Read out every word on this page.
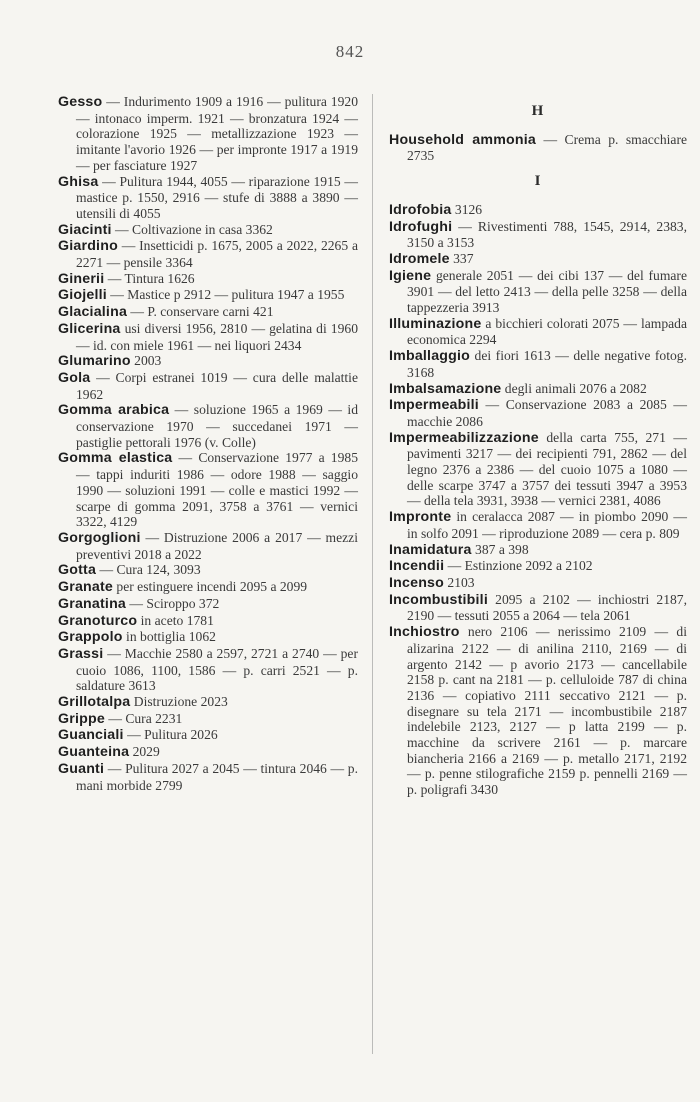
842

Gesso — Indurimento 1909 a 1916 — pulitura 1920 — intonaco imperm. 1921 — bronzatura 1924 — colorazione 1925 — metallizzazione 1923 — imitante l'avorio 1926 — per impronte 1917 a 1919 — per fasciature 1927

Ghisa — Pulitura 1944, 4055 — riparazione 1915 — mastice p. 1550, 2916 — stufe di 3888 a 3890 — utensili di 4055

Giacinti — Coltivazione in casa 3362

Giardino — Insetticidi p. 1675, 2005 a 2022, 2265 a 2271 — pensile 3364

Ginerii — Tintura 1626

Giojelli — Mastice p 2912 — pulitura 1947 a 1955

Glacialina — P. conservare carni 421

Glicerina usi diversi 1956, 2810 — gelatina di 1960 — id. con miele 1961 — nei liquori 2434

Glumarino 2003

Gola — Corpi estranei 1019 — cura delle malattie 1962

Gomma arabica — soluzione 1965 a 1969 — id conservazione 1970 — succedanei 1971 — pastiglie pettorali 1976 (v. Colle)

Gomma elastica — Conservazione 1977 a 1985 — tappi induriti 1986 — odore 1988 — saggio 1990 — soluzioni 1991 — colle e mastici 1992 — scarpe di gomma 2091, 3758 a 3761 — vernici 3322, 4129

Gorgoglioni — Distruzione 2006 a 2017 — mezzi preventivi 2018 a 2022

Gotta — Cura 124, 3093

Granate per estinguere incendi 2095 a 2099

Granatina — Sciroppo 372

Granoturco in aceto 1781

Grappolo in bottiglia 1062

Grassi — Macchie 2580 a 2597, 2721 a 2740 — per cuoio 1086, 1100, 1586 — p. carri 2521 — p. saldature 3613

Grillotalpa Distruzione 2023

Grippe — Cura 2231

Guanciali — Pulitura 2026

Guanteina 2029

Guanti — Pulitura 2027 a 2045 — tintura 2046 — p. mani morbide 2799

H

Household ammonia — Crema p. smacchiare 2735

I

Idrofobia 3126

Idrofughi — Rivestimenti 788, 1545, 2914, 2383, 3150 a 3153

Idromele 337

Igiene generale 2051 — dei cibi 137 — del fumare 3901 — del letto 2413 — della pelle 3258 — della tappezzeria 3913

Illuminazione a bicchieri colorati 2075 — lampada economica 2294

Imballaggio dei fiori 1613 — delle negative fotog. 3168

Imbalsamazione degli animali 2076 a 2082

Impermeabili — Conservazione 2083 a 2085 — macchie 2086

Impermeabilizzazione della carta 755, 271 — pavimenti 3217 — dei recipienti 791, 2862 — del legno 2376 a 2386 — del cuoio 1075 a 1080 — delle scarpe 3747 a 3757 dei tessuti 3947 a 3953 — della tela 3931, 3938 — vernici 2381, 4086

Impronte in ceralacca 2087 — in piombo 2090 — in solfo 2091 — riproduzione 2089 — cera p. 809

Inamidatura 387 a 398

Incendii — Estinzione 2092 a 2102

Incenso 2103

Incombustibili 2095 a 2102 — inchiostri 2187, 2190 — tessuti 2055 a 2064 — tela 2061

Inchiostro nero 2106 — nerissimo 2109 — di alizarina 2122 — di anilina 2110, 2169 — di argento 2142 — p avorio 2173 — cancellabile 2158 p. cant na 2181 — p. celluloide 787 di china 2136 — copiativo 2111 seccativo 2121 — p. disegnare su tela 2171 — incombustibile 2187 indelebile 2123, 2127 — p latta 2199 — p. macchine da scrivere 2161 — p. marcare biancheria 2166 a 2169 — p. metallo 2171, 2192 — p. penne stilografiche 2159 p. pennelli 2169 — p. poligrafi 3430
